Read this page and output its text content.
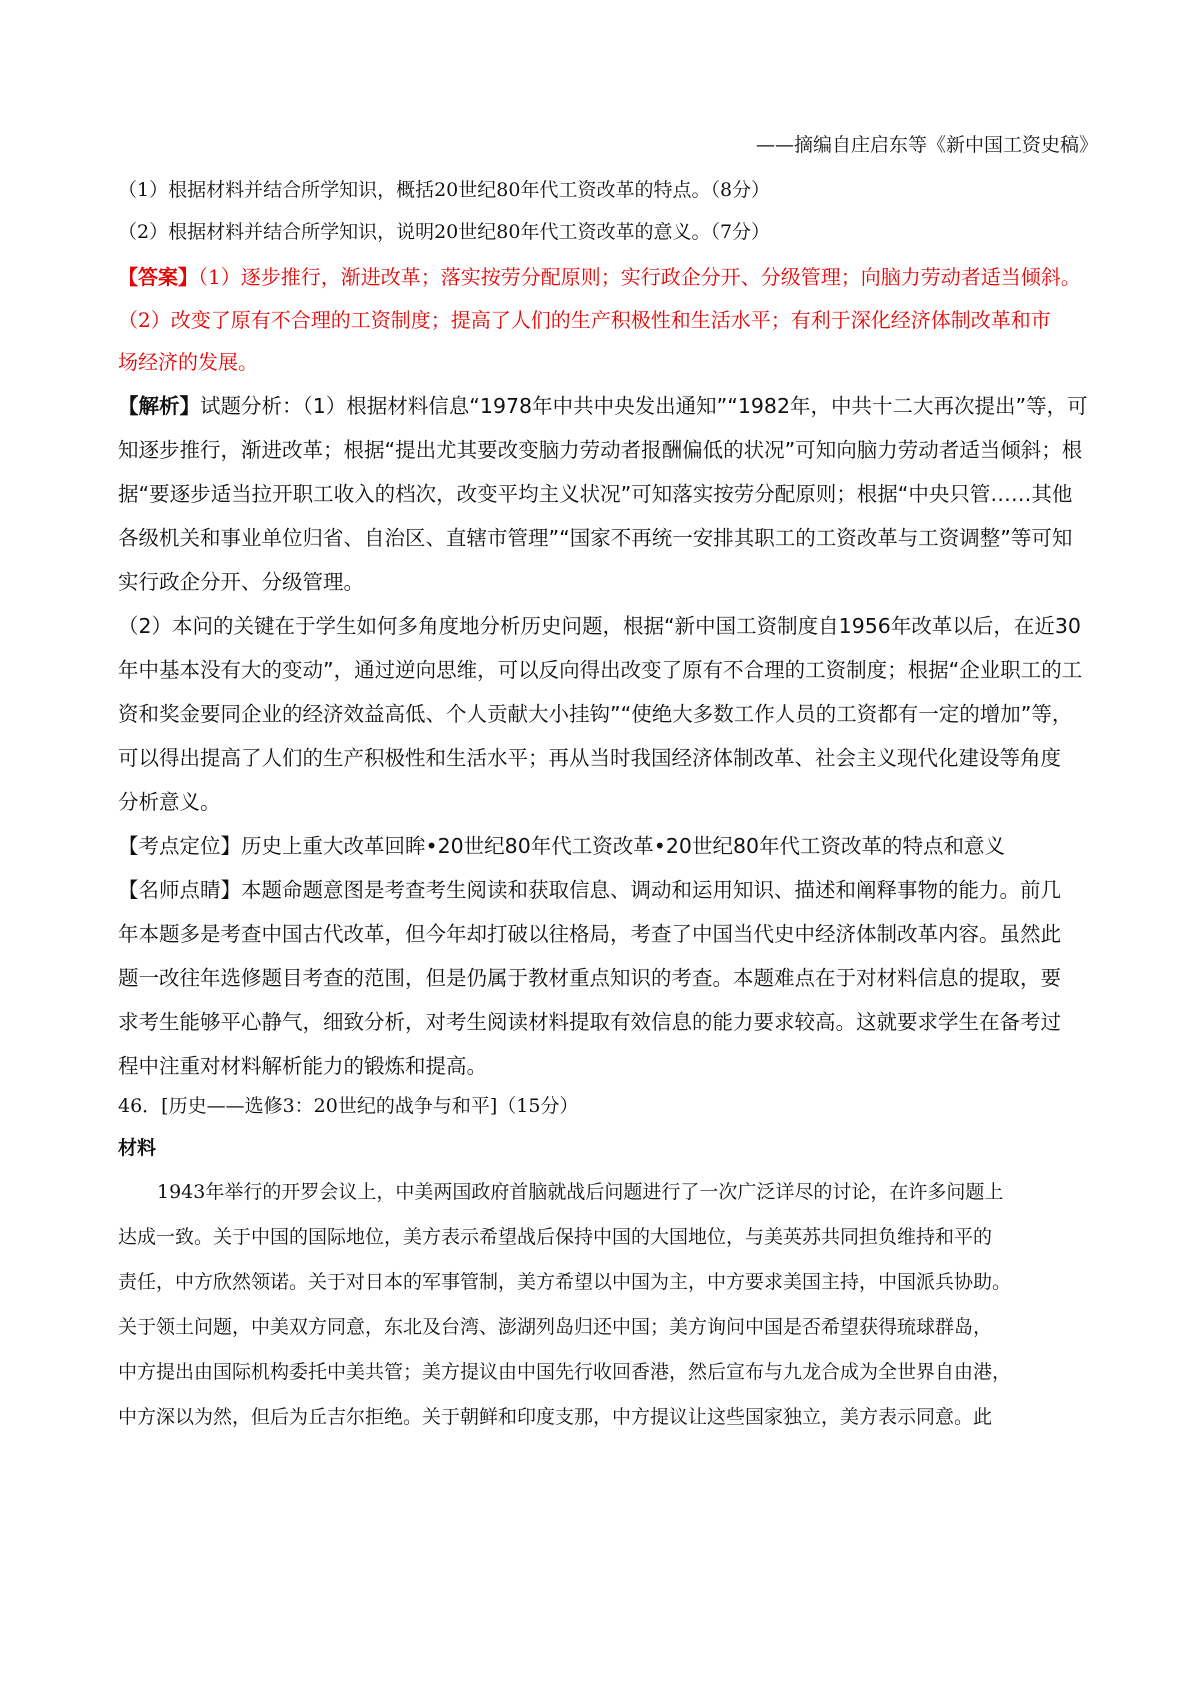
——摘编自庄启东等《新中国工资史稿》
（1）根据材料并结合所学知识，概括20世纪80年代工资改革的特点。（8分）
（2）根据材料并结合所学知识，说明20世纪80年代工资改革的意义。（7分）
【答案】（1）逐步推行，渐进改革；落实按劳分配原则；实行政企分开、分级管理；向脑力劳动者适当倾斜。
（2）改变了原有不合理的工资制度；提高了人们的生产积极性和生活水平；有利于深化经济体制改革和市
场经济的发展。
【解析】试题分析：（1）根据材料信息“1978年中共中央发出通知”“1982年，中共十二大再次提出”等，可
知逐步推行，渐进改革；根据“提出尤其要改变脑力劳动者报酬偏低的状况”可知向脑力劳动者适当倾斜；根
据“要逐步适当拉开职工收入的档次，改变平均主义状况”可知落实按劳分配原则；根据“中央只管……其他
各级机关和事业单位归省、自治区、直辖市管理”“国家不再统一安排其职工的工资改革与工资调整”等可知
实行政企分开、分级管理。
（2）本问的关键在于学生如何多角度地分析历史问题，根据“新中国工资制度自1956年改革以后，在近30
年中基本没有大的变动”，通过逆向思维，可以反向得出改变了原有不合理的工资制度；根据“企业职工的工
资和奖金要同企业的经济效益高低、个人贡献大小挂钩”“使绝大多数工作人员的工资都有一定的增加”等，
可以得出提高了人们的生产积极性和生活水平；再从当时我国经济体制改革、社会主义现代化建设等角度
分析意义。
【考点定位】历史上重大改革回眸•20世纪80年代工资改革•20世纪80年代工资改革的特点和意义
【名师点睛】本题命题意图是考查考生阅读和获取信息、调动和运用知识、描述和阐释事物的能力。前几
年本题多是考查中国古代改革，但今年却打破以往格局，考查了中国当代史中经济体制改革内容。虽然此
题一改往年选修题目考查的范围，但是仍属于教材重点知识的考查。本题难点在于对材料信息的提取，要
求考生能够平心静气，细致分析，对考生阅读材料提取有效信息的能力要求较高。这就要求学生在备考过
程中注重对材料解析能力的锻炼和提高。
46．[历史——选修3：20世纪的战争与和平]（15分）
材料
1943年举行的开罗会议上，中美两国政府首脑就战后问题进行了一次广泛详尽的讨论，在许多问题上
达成一致。关于中国的国际地位，美方表示希望战后保持中国的大国地位，与美英苏共同担负维持和平的
责任，中方欣然领诺。关于对日本的军事管制，美方希望以中国为主，中方要求美国主持，中国派兵协助。
关于领土问题，中美双方同意，东北及台湾、澎湖列岛归还中国；美方询问中国是否希望获得琉球群岛，
中方提出由国际机构委托中美共管；美方提议由中国先行收回香港，然后宣布与九龙合成为全世界自由港，
中方深以为然，但后为丘吉尔拒绝。关于朝鲜和印度支那，中方提议让这些国家独立，美方表示同意。此
